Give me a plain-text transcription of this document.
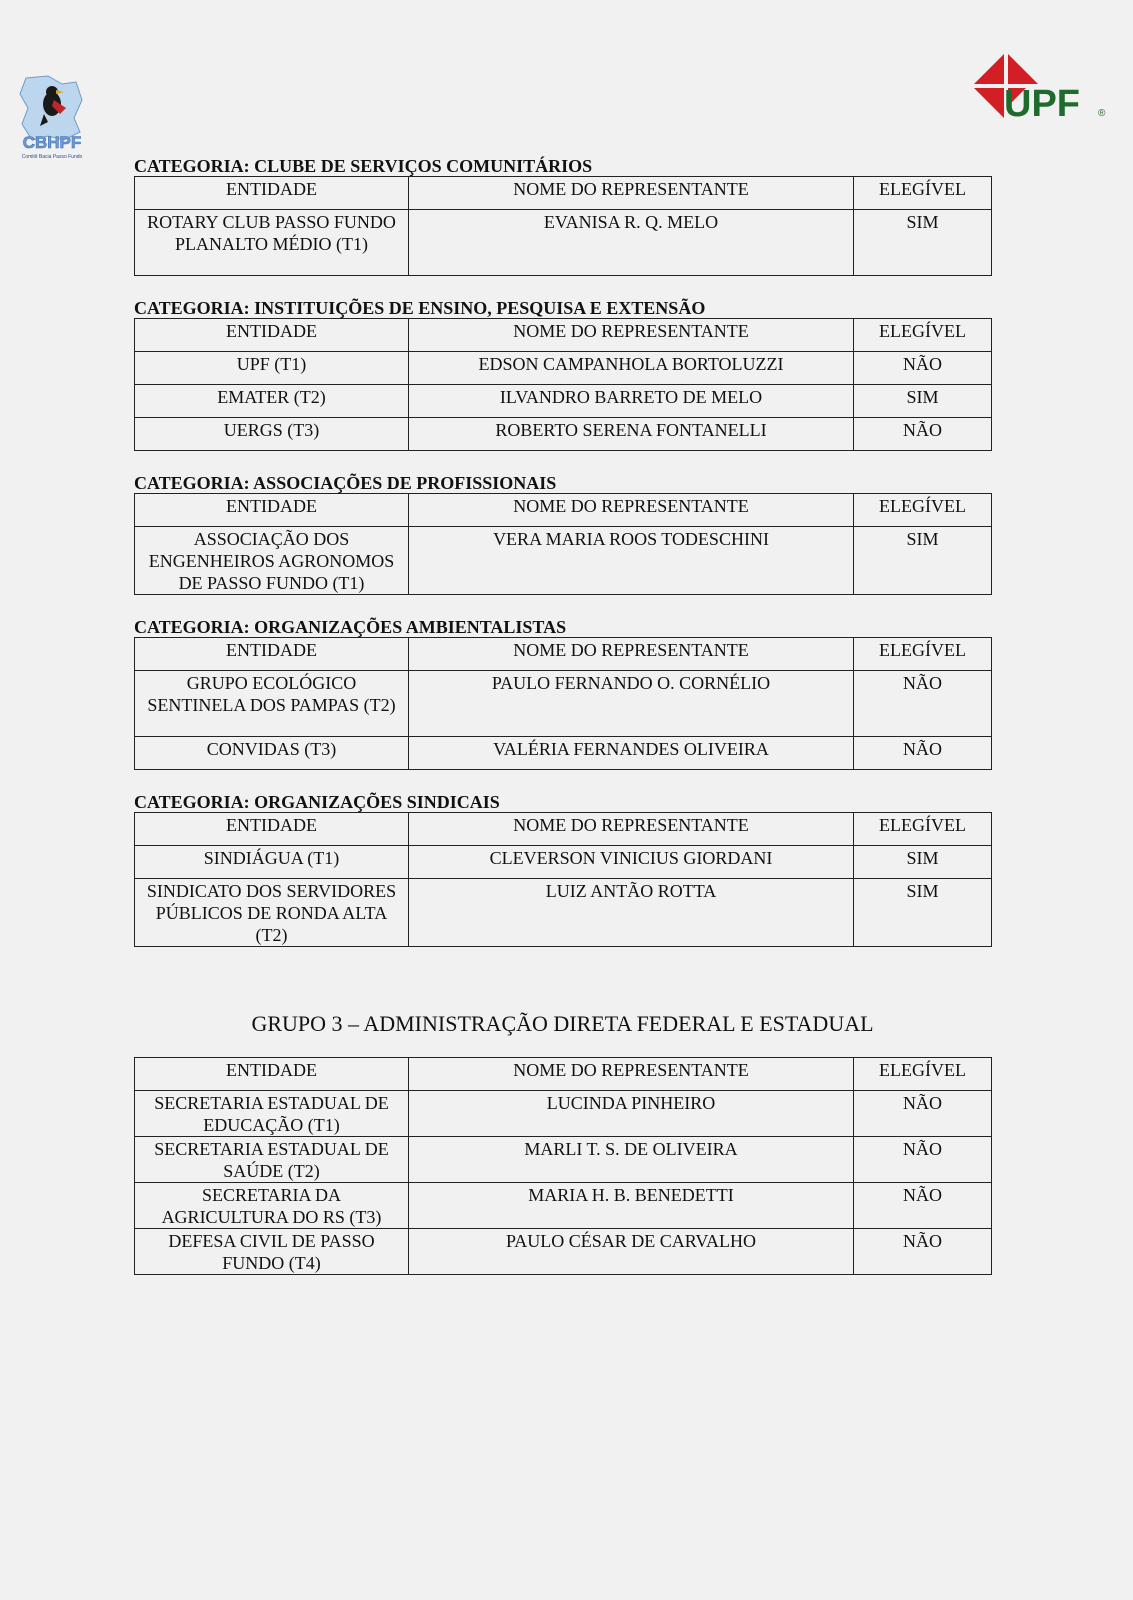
CBHPF
Comitê Bacia Passo Fundo
UPF ®

CATEGORIA: CLUBE DE SERVIÇOS COMUNITÁRIOS

ENTIDADE	NOME DO REPRESENTANTE	ELEGÍVEL
ROTARY CLUB PASSO FUNDO PLANALTO MÉDIO (T1)	EVANISA R. Q. MELO	SIM

CATEGORIA: INSTITUIÇÕES DE ENSINO, PESQUISA E EXTENSÃO

ENTIDADE	NOME DO REPRESENTANTE	ELEGÍVEL
UPF (T1)	EDSON CAMPANHOLA BORTOLUZZI	NÃO
EMATER (T2)	ILVANDRO BARRETO DE MELO	SIM
UERGS (T3)	ROBERTO SERENA FONTANELLI	NÃO

CATEGORIA: ASSOCIAÇÕES DE PROFISSIONAIS

ENTIDADE	NOME DO REPRESENTANTE	ELEGÍVEL
ASSOCIAÇÃO DOS ENGENHEIROS AGRONOMOS DE PASSO FUNDO (T1)	VERA MARIA ROOS TODESCHINI	SIM

CATEGORIA: ORGANIZAÇÕES AMBIENTALISTAS

ENTIDADE	NOME DO REPRESENTANTE	ELEGÍVEL
GRUPO ECOLÓGICO SENTINELA DOS PAMPAS (T2)	PAULO FERNANDO O. CORNÉLIO	NÃO
CONVIDAS (T3)	VALÉRIA FERNANDES OLIVEIRA	NÃO

CATEGORIA: ORGANIZAÇÕES SINDICAIS

ENTIDADE	NOME DO REPRESENTANTE	ELEGÍVEL
SINDIÁGUA (T1)	CLEVERSON VINICIUS GIORDANI	SIM
SINDICATO DOS SERVIDORES PÚBLICOS DE RONDA ALTA (T2)	LUIZ ANTÃO ROTTA	SIM

GRUPO 3 – ADMINISTRAÇÃO DIRETA FEDERAL E ESTADUAL

ENTIDADE	NOME DO REPRESENTANTE	ELEGÍVEL
SECRETARIA ESTADUAL DE EDUCAÇÃO (T1)	LUCINDA PINHEIRO	NÃO
SECRETARIA ESTADUAL DE SAÚDE (T2)	MARLI T. S. DE OLIVEIRA	NÃO
SECRETARIA DA AGRICULTURA DO RS (T3)	MARIA H. B. BENEDETTI	NÃO
DEFESA CIVIL DE PASSO FUNDO (T4)	PAULO CÉSAR DE CARVALHO	NÃO
